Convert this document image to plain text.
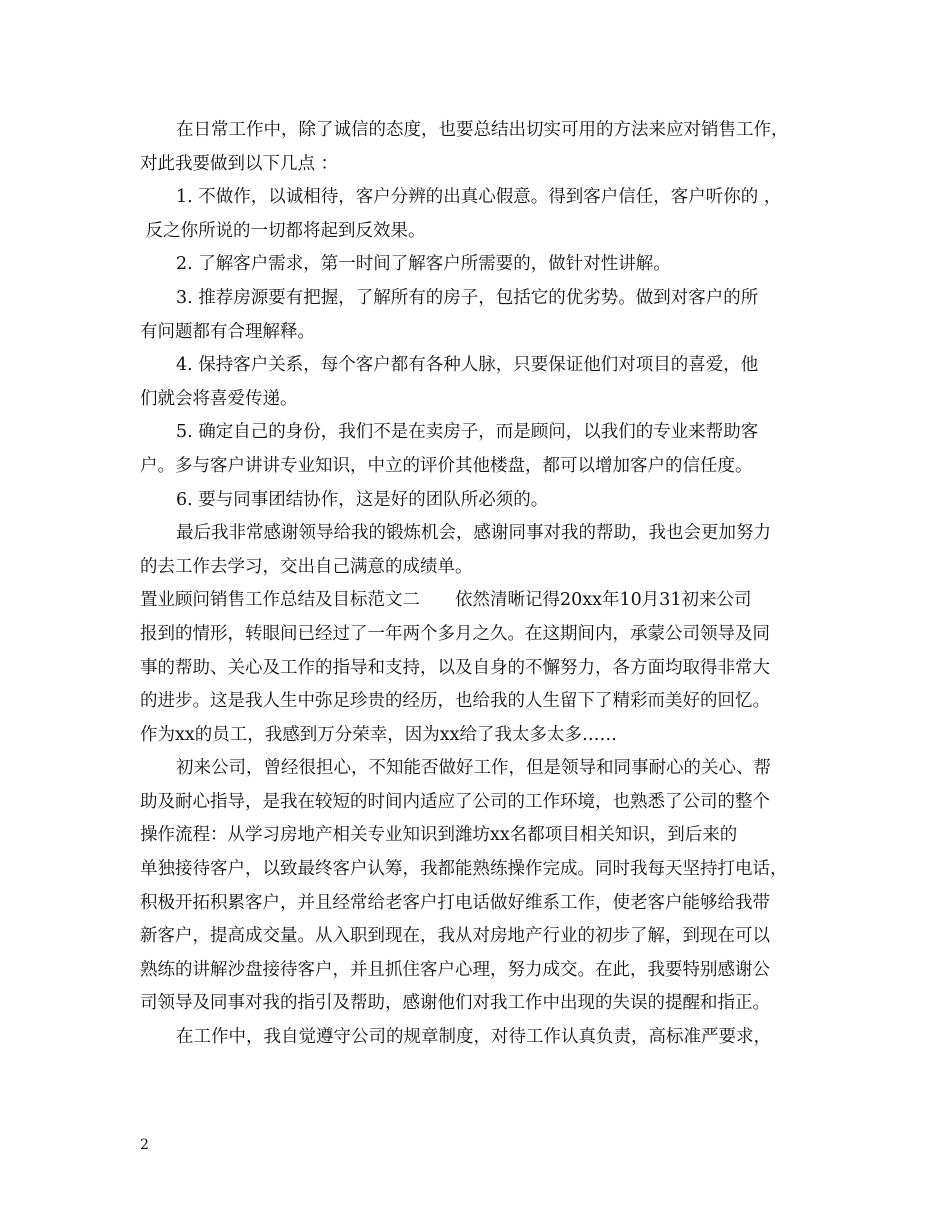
在日常工作中，除了诚信的态度，也要总结出切实可用的方法来应对销售工作，
对此我要做到以下几点 ：
1. 不做作，以诚相待，客户分辨的出真心假意。得到客户信任，客户听你的 ，
反之你所说的一切都将起到反效果。
2. 了解客户需求，第一时间了解客户所需要的，做针对性讲解。
3. 推荐房源要有把握，了解所有的房子，包括它的优劣势。做到对客户的所
有问题都有合理解释。
4. 保持客户关系，每个客户都有各种人脉，只要保证他们对项目的喜爱，他
们就会将喜爱传递。
5. 确定自己的身份，我们不是在卖房子，而是顾问，以我们的专业来帮助客
户。多与客户讲讲专业知识，中立的评价其他楼盘，都可以增加客户的信任度。
6. 要与同事团结协作，这是好的团队所必须的。
最后我非常感谢领导给我的锻炼机会，感谢同事对我的帮助，我也会更加努力
的去工作去学习，交出自己满意的成绩单。
置业顾问销售工作总结及目标范文二　　依然清晰记得20xx年10月31初来公司
报到的情形，转眼间已经过了一年两个多月之久。在这期间内，承蒙公司领导及同
事的帮助、关心及工作的指导和支持，以及自身的不懈努力，各方面均取得非常大
的进步。这是我人生中弥足珍贵的经历，也给我的人生留下了精彩而美好的回忆。
作为xx的员工，我感到万分荣幸，因为xx给了我太多太多……
初来公司，曾经很担心，不知能否做好工作，但是领导和同事耐心的关心、帮
助及耐心指导，是我在较短的时间内适应了公司的工作环境，也熟悉了公司的整个
操作流程：从学习房地产相关专业知识到潍坊xx名都项目相关知识，到后来的
单独接待客户，以致最终客户认筹，我都能熟练操作完成。同时我每天坚持打电话，
积极开拓积累客户，并且经常给老客户打电话做好维系工作，使老客户能够给我带
新客户，提高成交量。从入职到现在，我从对房地产行业的初步了解，到现在可以
熟练的讲解沙盘接待客户，并且抓住客户心理，努力成交。在此，我要特别感谢公
司领导及同事对我的指引及帮助，感谢他们对我工作中出现的失误的提醒和指正。
在工作中，我自觉遵守公司的规章制度，对待工作认真负责，高标准严要求，
2
